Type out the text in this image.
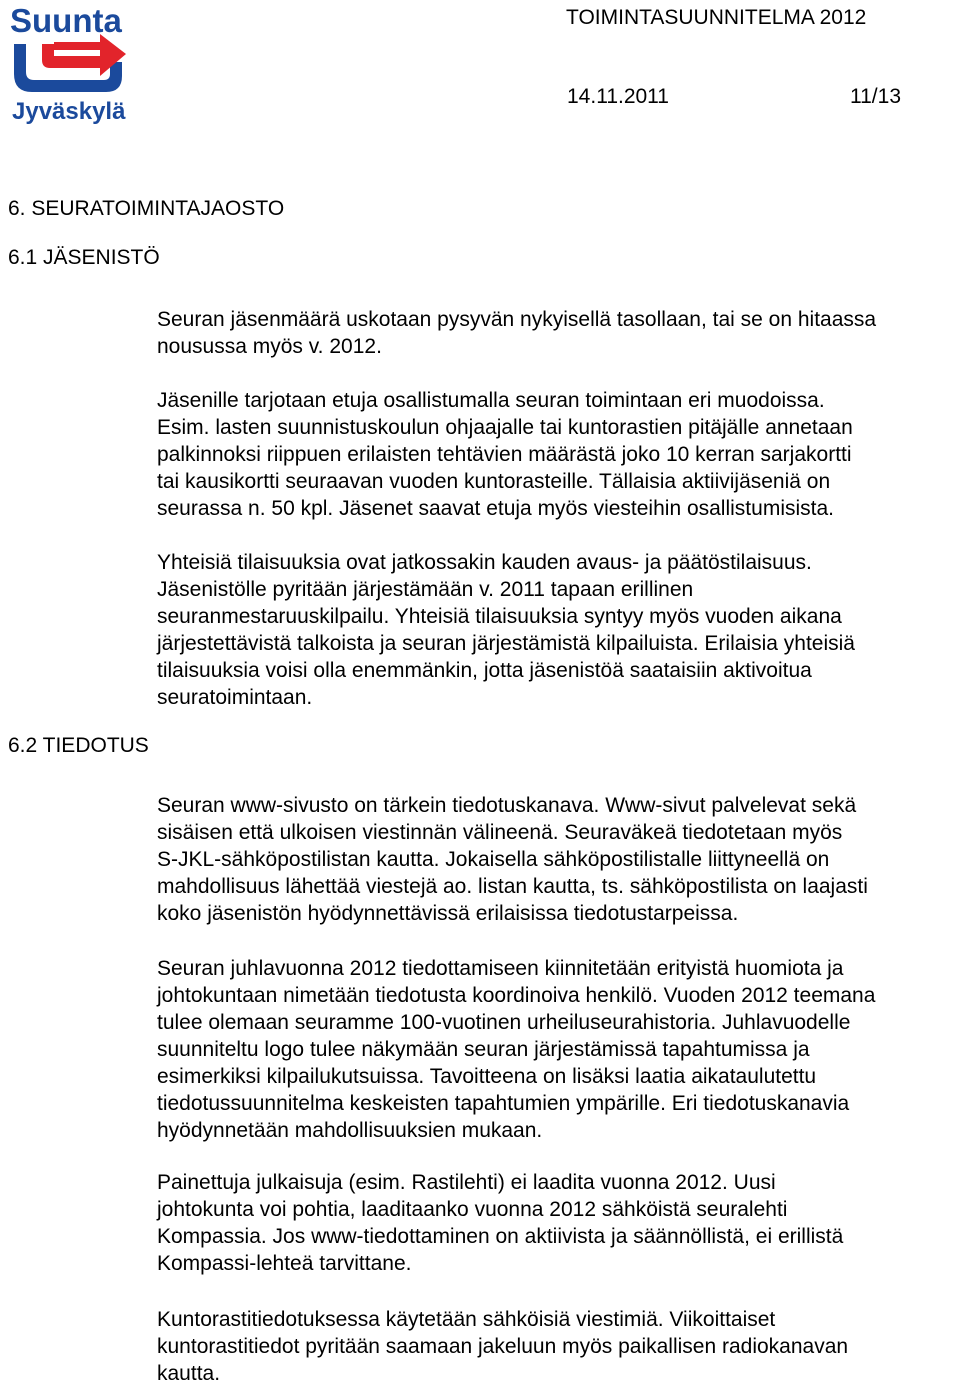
Suunta
Jyväskylä
TOIMINTASUUNNITELMA 2012
14.11.2011	11/13
6. SEURATOIMINTAJAOSTO
6.1 JÄSENISTÖ
6.2 TIEDOTUS
Seuran jäsenmäärä uskotaan pysyvän nykyisellä tasollaan, tai se on hitaassa
nousussa myös v. 2012.
Jäsenille tarjotaan etuja osallistumalla seuran toimintaan eri muodoissa.
Esim. lasten suunnistuskoulun ohjaajalle tai kuntorastien pitäjälle annetaan
palkinnoksi riippuen erilaisten tehtävien määrästä joko 10 kerran sarjakortti
tai kausikortti seuraavan vuoden kuntorasteille. Tällaisia aktiivijäseniä on
seurassa n. 50 kpl. Jäsenet saavat etuja myös viesteihin osallistumisista.
Yhteisiä tilaisuuksia ovat jatkossakin kauden avaus- ja päätöstilaisuus.
Jäsenistölle pyritään järjestämään v. 2011 tapaan erillinen
seuranmestaruuskilpailu. Yhteisiä tilaisuuksia syntyy myös vuoden aikana
järjestettävistä talkoista ja seuran järjestämistä kilpailuista. Erilaisia yhteisiä
tilaisuuksia voisi olla enemmänkin, jotta jäsenistöä saataisiin aktivoitua
seuratoimintaan.
Seuran www-sivusto on tärkein tiedotuskanava. Www-sivut palvelevat sekä
sisäisen että ulkoisen viestinnän välineenä. Seuraväkeä tiedotetaan myös
S-JKL-sähköpostilistan kautta. Jokaisella sähköpostilistalle liittyneellä on
mahdollisuus lähettää viestejä ao. listan kautta, ts. sähköpostilista on laajasti
koko jäsenistön hyödynnettävissä erilaisissa tiedotustarpeissa.
Seuran juhlavuonna 2012 tiedottamiseen kiinnitetään erityistä huomiota ja
johtokuntaan nimetään tiedotusta koordinoiva henkilö. Vuoden 2012 teemana
tulee olemaan seuramme 100-vuotinen urheiluseurahistoria. Juhlavuodelle
suunniteltu logo tulee näkymään seuran järjestämissä tapahtumissa ja
esimerkiksi kilpailukutsuissa. Tavoitteena on lisäksi laatia aikataulutettu
tiedotussuunnitelma keskeisten tapahtumien ympärille. Eri tiedotuskanavia
hyödynnetään mahdollisuuksien mukaan.
Painettuja julkaisuja (esim. Rastilehti) ei laadita vuonna 2012. Uusi
johtokunta voi pohtia, laaditaanko vuonna 2012 sähköistä seuralehti
Kompassia. Jos www-tiedottaminen on aktiivista ja säännöllistä, ei erillistä
Kompassi-lehteä tarvittane.
Kuntorastitiedotuksessa käytetään sähköisiä viestimiä. Viikoittaiset
kuntorastitiedot pyritään saamaan jakeluun myös paikallisen radiokanavan
kautta.
